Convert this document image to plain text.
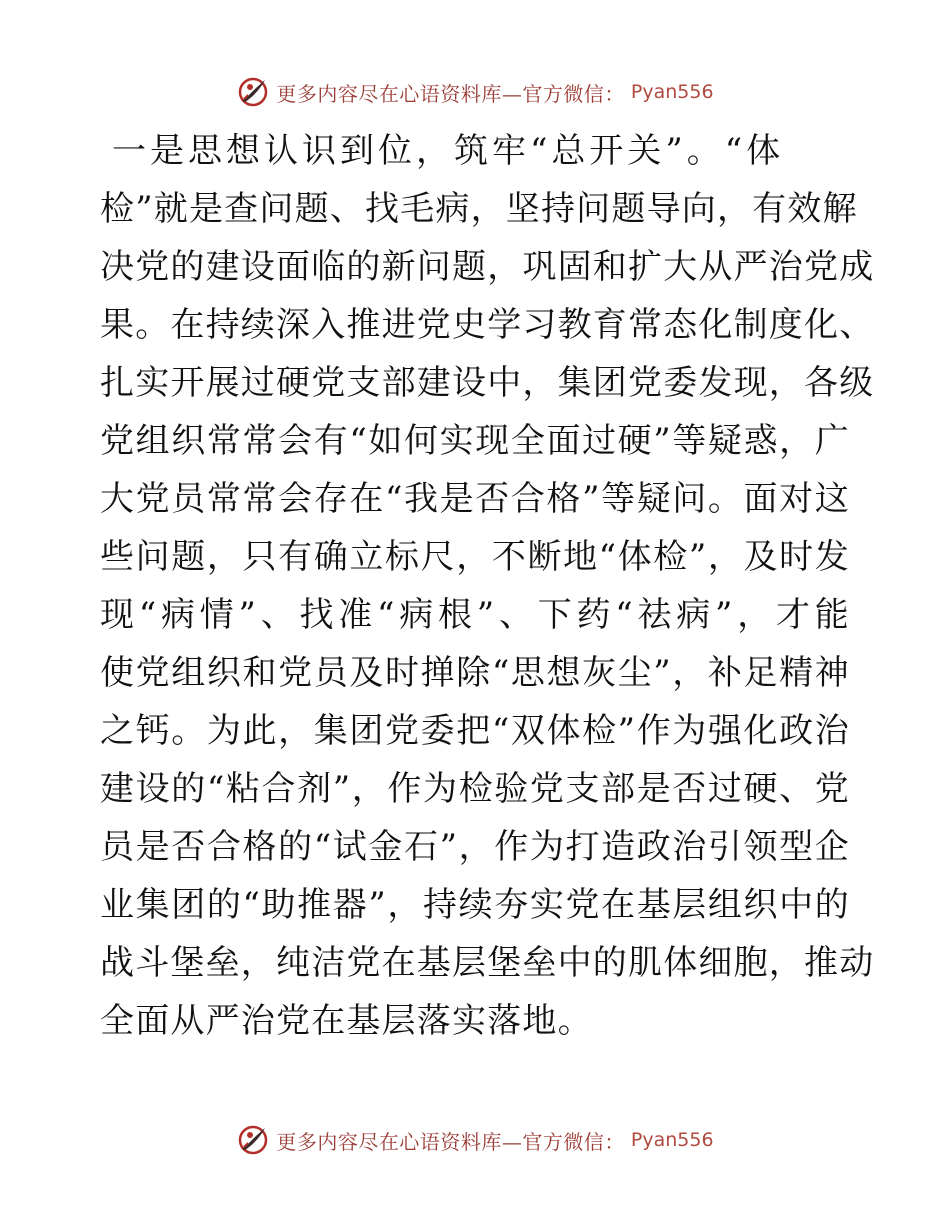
更多内容尽在心语资料库—官方微信： Pyan556
一是思想认识到位，筑牢“总开关”。“体
检”就是查问题、找毛病，坚持问题导向，有效解
决党的建设面临的新问题，巩固和扩大从严治党成
果。在持续深入推进党史学习教育常态化制度化、
扎实开展过硬党支部建设中，集团党委发现，各级
党组织常常会有“如何实现全面过硬”等疑惑，广
大党员常常会存在“我是否合格”等疑问。面对这
些问题，只有确立标尺，不断地“体检”，及时发
现“病情”、找准“病根”、下药“祛病”，才能
使党组织和党员及时掸除“思想灰尘”，补足精神
之钙。为此，集团党委把“双体检”作为强化政治
建设的“粘合剂”，作为检验党支部是否过硬、党
员是否合格的“试金石”，作为打造政治引领型企
业集团的“助推器”，持续夯实党在基层组织中的
战斗堡垒，纯洁党在基层堡垒中的肌体细胞，推动
全面从严治党在基层落实落地。
更多内容尽在心语资料库—官方微信： Pyan556
